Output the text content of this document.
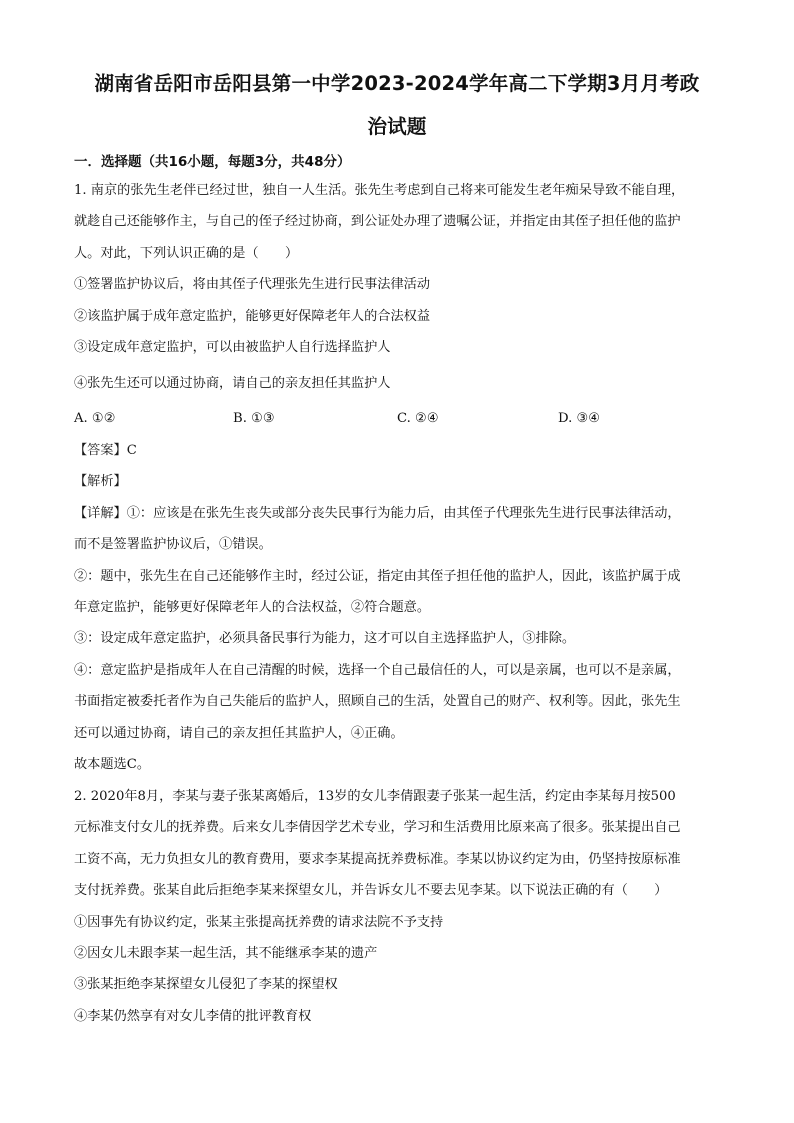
湖南省岳阳市岳阳县第一中学2023-2024学年高二下学期3月月考政
治试题
一．选择题（共16小题，每题3分，共48分）
1. 南京的张先生老伴已经过世，独自一人生活。张先生考虑到自己将来可能发生老年痴呆导致不能自理，
就趁自己还能够作主，与自己的侄子经过协商，到公证处办理了遗嘱公证，并指定由其侄子担任他的监护
人。对此，下列认识正确的是（　　）
①签署监护协议后，将由其侄子代理张先生进行民事法律活动
②该监护属于成年意定监护，能够更好保障老年人的合法权益
③设定成年意定监护，可以由被监护人自行选择监护人
④张先生还可以通过协商，请自己的亲友担任其监护人
A. ①②	B. ①③	C. ②④	D. ③④
【答案】C
【解析】
【详解】①：应该是在张先生丧失或部分丧失民事行为能力后，由其侄子代理张先生进行民事法律活动，
而不是签署监护协议后，①错误。
②：题中，张先生在自己还能够作主时，经过公证，指定由其侄子担任他的监护人，因此，该监护属于成
年意定监护，能够更好保障老年人的合法权益，②符合题意。
③：设定成年意定监护，必须具备民事行为能力，这才可以自主选择监护人，③排除。
④：意定监护是指成年人在自己清醒的时候，选择一个自己最信任的人，可以是亲属，也可以不是亲属，
书面指定被委托者作为自己失能后的监护人，照顾自己的生活，处置自己的财产、权利等。因此，张先生
还可以通过协商，请自己的亲友担任其监护人，④正确。
故本题选C。
2. 2020年8月，李某与妻子张某离婚后，13岁的女儿李倩跟妻子张某一起生活，约定由李某每月按500
元标准支付女儿的抚养费。后来女儿李倩因学艺术专业，学习和生活费用比原来高了很多。张某提出自己
工资不高，无力负担女儿的教育费用，要求李某提高抚养费标准。李某以协议约定为由，仍坚持按原标准
支付抚养费。张某自此后拒绝李某来探望女儿，并告诉女儿不要去见李某。以下说法正确的有（　　）
①因事先有协议约定，张某主张提高抚养费的请求法院不予支持
②因女儿未跟李某一起生活，其不能继承李某的遗产
③张某拒绝李某探望女儿侵犯了李某的探望权
④李某仍然享有对女儿李倩的批评教育权
